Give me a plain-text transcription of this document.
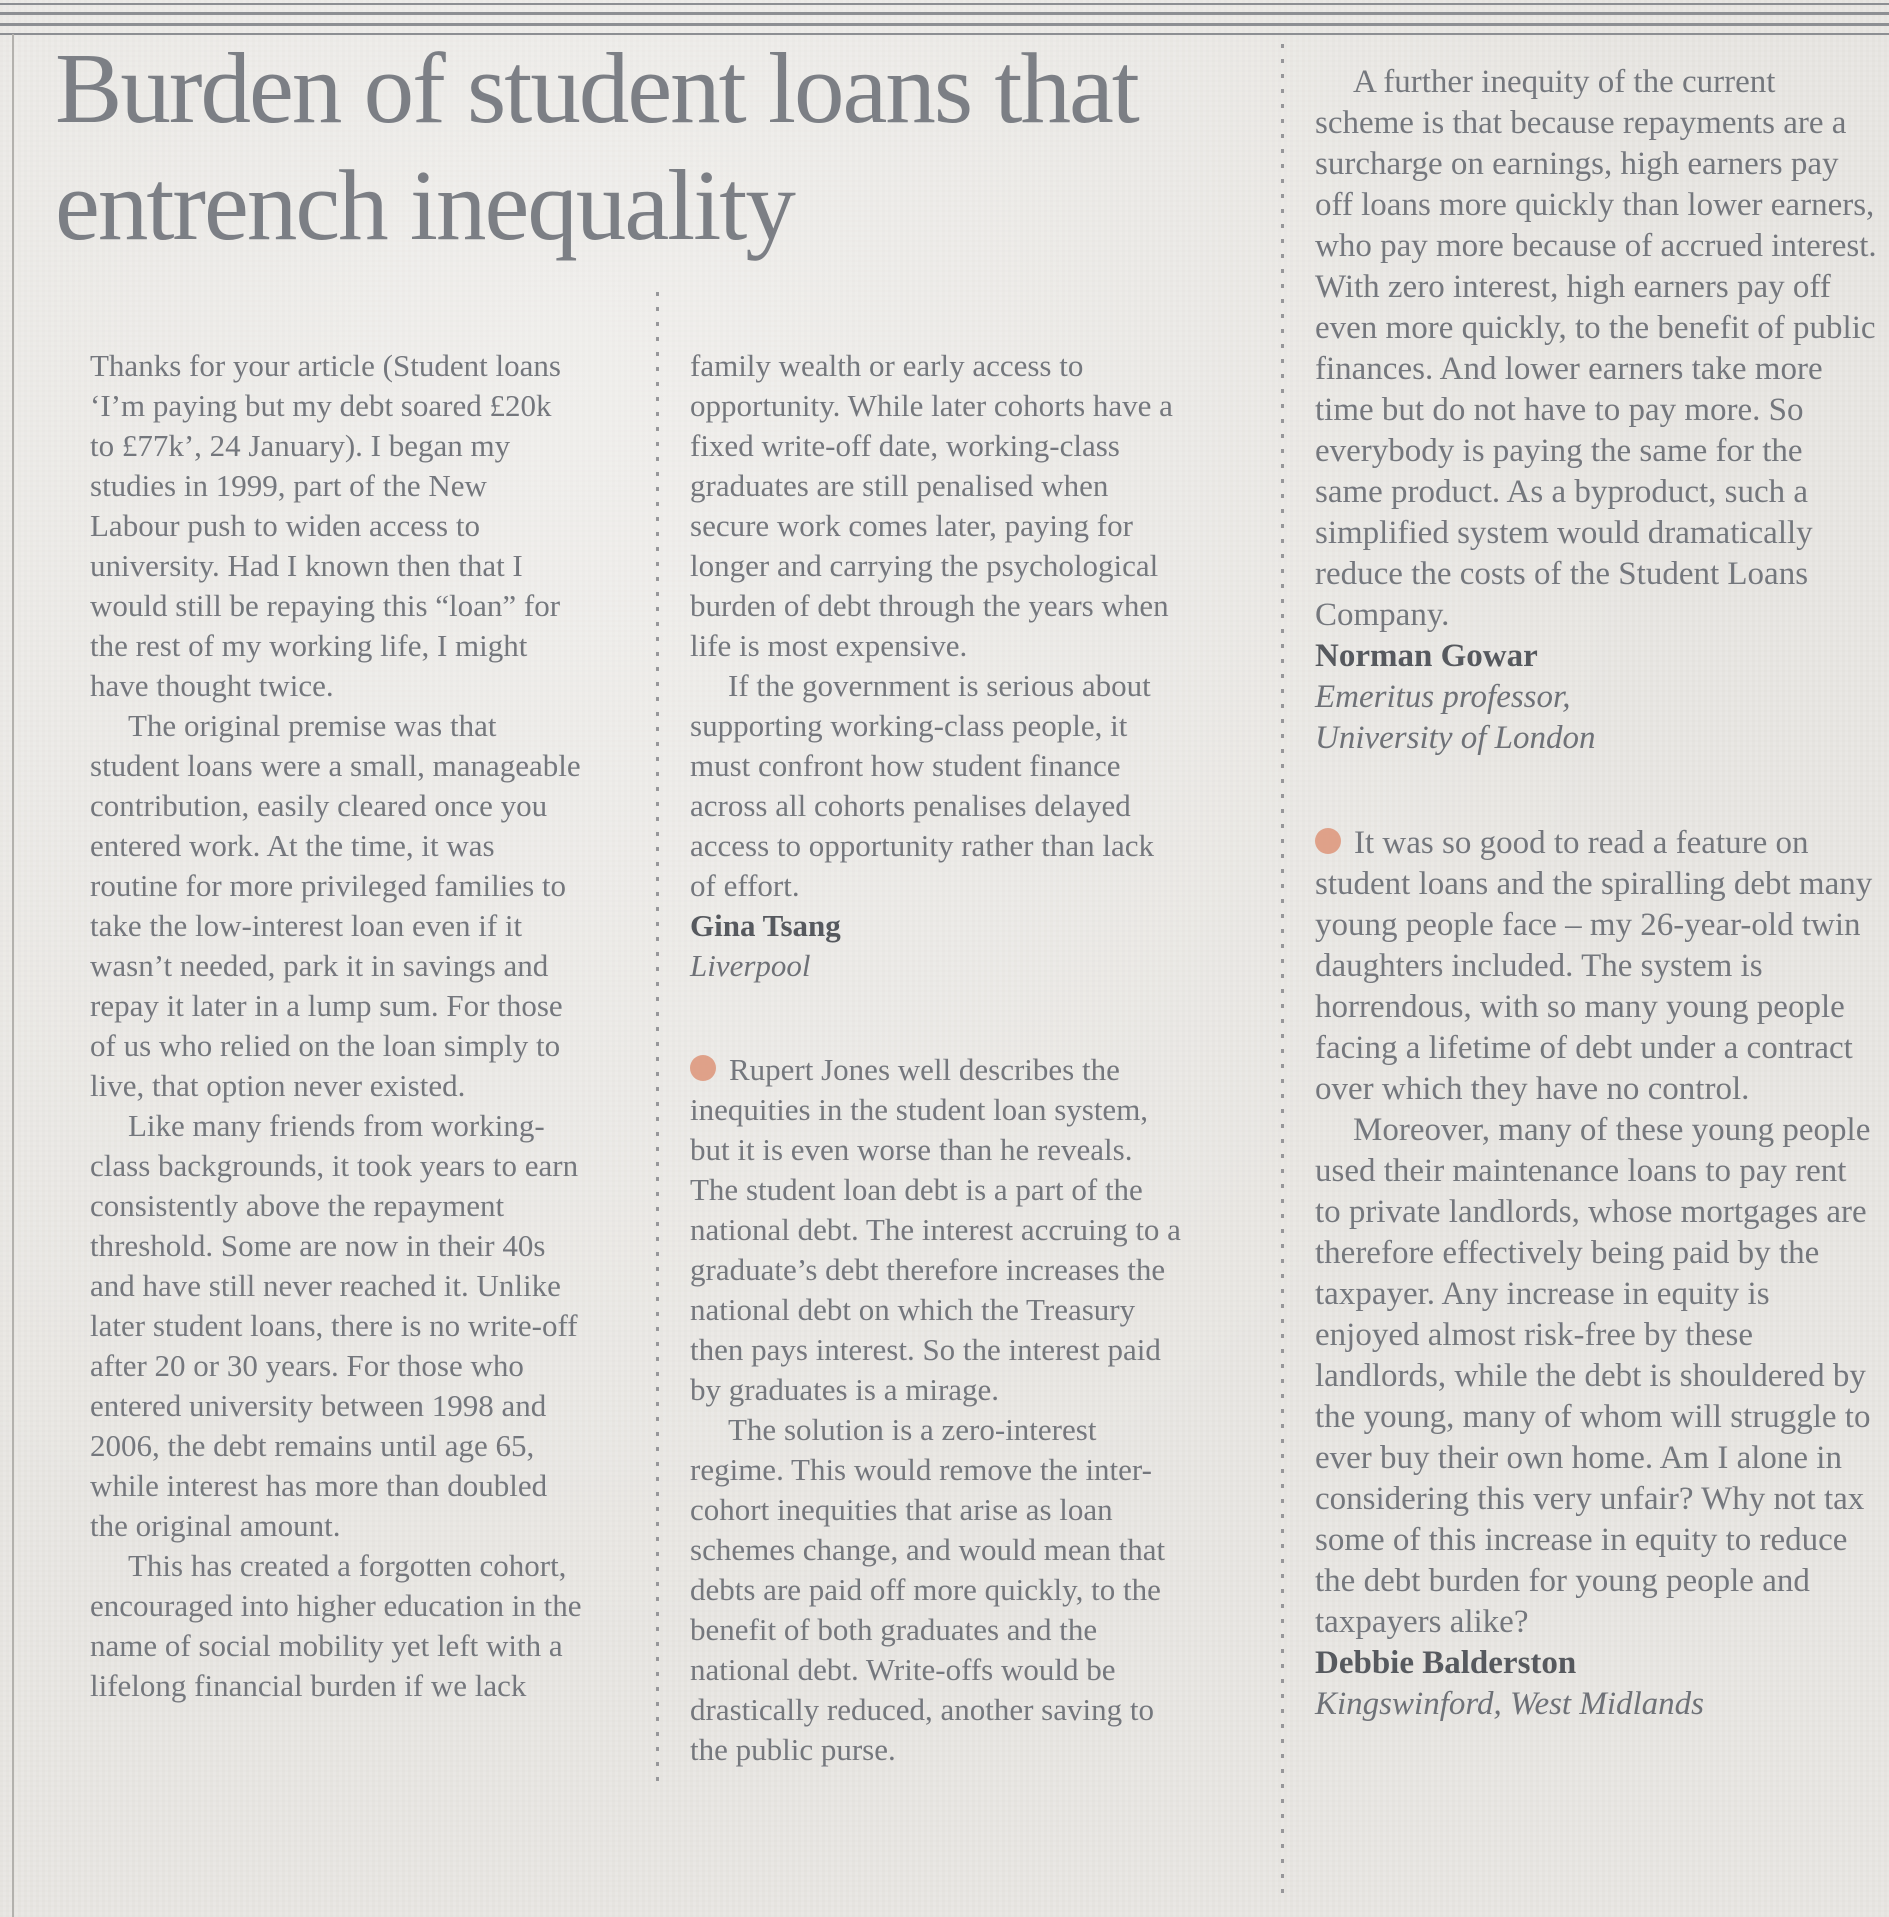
Burden of student loans that entrench inequality

Thanks for your article (Student loans ‘I’m paying but my debt soared £20k to £77k’, 24 January). I began my studies in 1999, part of the New Labour push to widen access to university. Had I known then that I would still be repaying this “loan” for the rest of my working life, I might have thought twice.

The original premise was that student loans were a small, manageable contribution, easily cleared once you entered work. At the time, it was routine for more privileged families to take the low-interest loan even if it wasn’t needed, park it in savings and repay it later in a lump sum. For those of us who relied on the loan simply to live, that option never existed.

Like many friends from working-class backgrounds, it took years to earn consistently above the repayment threshold. Some are now in their 40s and have still never reached it. Unlike later student loans, there is no write-off after 20 or 30 years. For those who entered university between 1998 and 2006, the debt remains until age 65, while interest has more than doubled the original amount.

This has created a forgotten cohort, encouraged into higher education in the name of social mobility yet left with a lifelong financial burden if we lack

family wealth or early access to opportunity. While later cohorts have a fixed write-off date, working-class graduates are still penalised when secure work comes later, paying for longer and carrying the psychological burden of debt through the years when life is most expensive.

If the government is serious about supporting working-class people, it must confront how student finance across all cohorts penalises delayed access to opportunity rather than lack of effort.

Gina Tsang

Liverpool

Rupert Jones well describes the inequities in the student loan system, but it is even worse than he reveals. The student loan debt is a part of the national debt. The interest accruing to a graduate’s debt therefore increases the national debt on which the Treasury then pays interest. So the interest paid by graduates is a mirage.

The solution is a zero-interest regime. This would remove the inter-cohort inequities that arise as loan schemes change, and would mean that debts are paid off more quickly, to the benefit of both graduates and the national debt. Write-offs would be drastically reduced, another saving to the public purse.

A further inequity of the current scheme is that because repayments are a surcharge on earnings, high earners pay off loans more quickly than lower earners, who pay more because of accrued interest. With zero interest, high earners pay off even more quickly, to the benefit of public finances. And lower earners take more time but do not have to pay more. So everybody is paying the same for the same product. As a byproduct, such a simplified system would dramatically reduce the costs of the Student Loans Company.

Norman Gowar

Emeritus professor,

University of London

It was so good to read a feature on student loans and the spiralling debt many young people face – my 26-year-old twin daughters included. The system is horrendous, with so many young people facing a lifetime of debt under a contract over which they have no control.

Moreover, many of these young people used their maintenance loans to pay rent to private landlords, whose mortgages are therefore effectively being paid by the taxpayer. Any increase in equity is enjoyed almost risk-free by these landlords, while the debt is shouldered by the young, many of whom will struggle to ever buy their own home. Am I alone in considering this very unfair? Why not tax some of this increase in equity to reduce the debt burden for young people and taxpayers alike?

Debbie Balderston

Kingswinford, West Midlands
